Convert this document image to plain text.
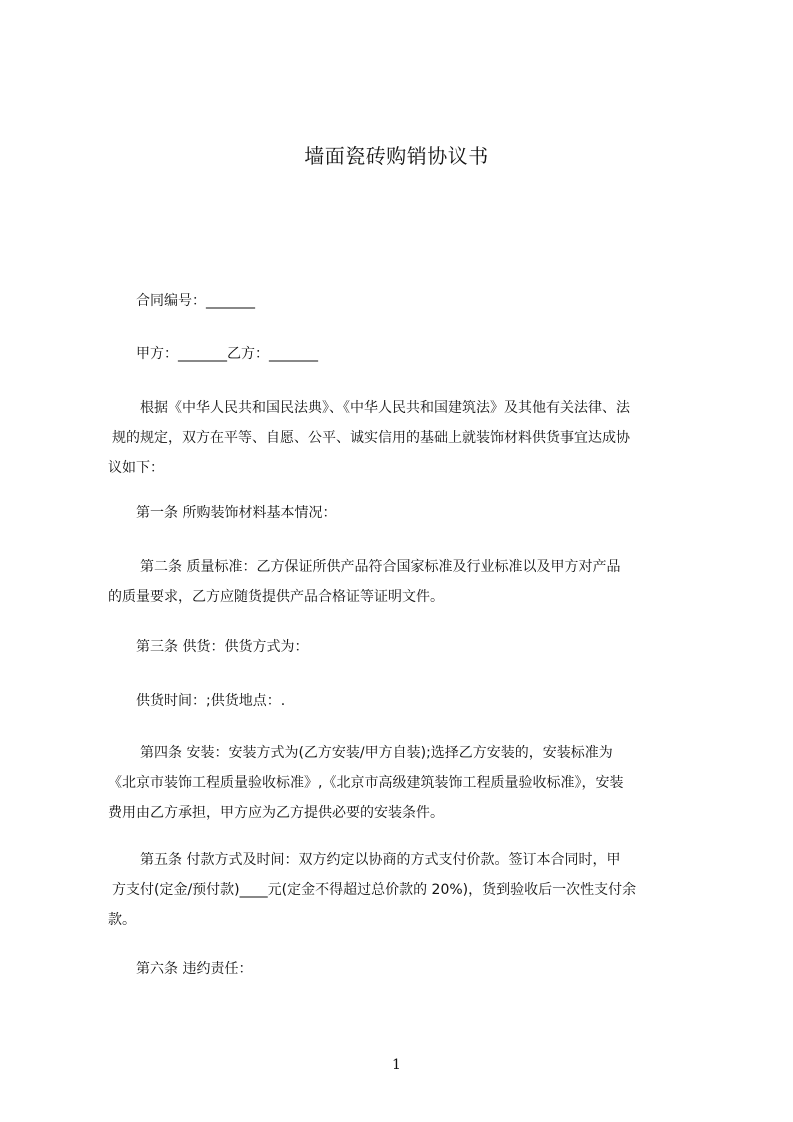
墙面瓷砖购销协议书
合同编号：_______
甲方：_______乙方：_______
根据《中华人民共和国民法典》、《中华人民共和国建筑法》及其他有关法律、法
规的规定，双方在平等、自愿、公平、诚实信用的基础上就装饰材料供货事宜达成协
议如下：
第一条 所购装饰材料基本情况：
第二条 质量标准：乙方保证所供产品符合国家标准及行业标准以及甲方对产品
的质量要求，乙方应随货提供产品合格证等证明文件。
第三条 供货：供货方式为：
供货时间：;供货地点：.
第四条 安装：安装方式为(乙方安装/甲方自装);选择乙方安装的，安装标准为
《北京市装饰工程质量验收标准》,《北京市高级建筑装饰工程质量验收标准》，安装
费用由乙方承担，甲方应为乙方提供必要的安装条件。
第五条 付款方式及时间：双方约定以协商的方式支付价款。签订本合同时，甲
方支付(定金/预付款)____元(定金不得超过总价款的 20%)，货到验收后一次性支付余
款。
第六条 违约责任：
1
